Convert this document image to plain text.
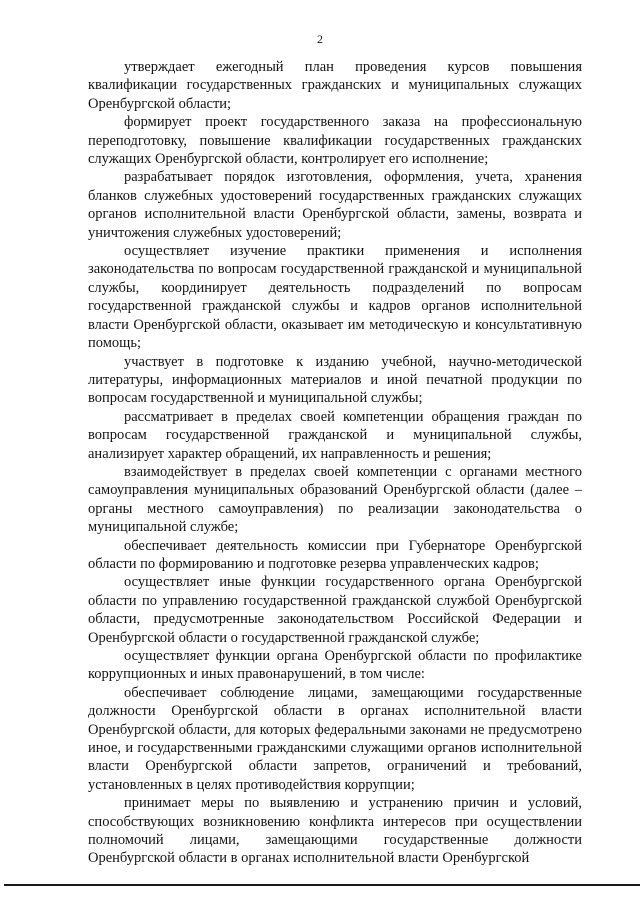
2

утверждает ежегодный план проведения курсов повышения квалификации государственных гражданских и муниципальных служащих Оренбургской области;

формирует проект государственного заказа на профессиональную переподготовку, повышение квалификации государственных гражданских служащих Оренбургской области, контролирует его исполнение;

разрабатывает порядок изготовления, оформления, учета, хранения бланков служебных удостоверений государственных гражданских служащих органов исполнительной власти Оренбургской области, замены, возврата и уничтожения служебных удостоверений;

осуществляет изучение практики применения и исполнения законодательства по вопросам государственной гражданской и муниципальной службы, координирует деятельность подразделений по вопросам государственной гражданской службы и кадров органов исполнительной власти Оренбургской области, оказывает им методическую и консультативную помощь;

участвует в подготовке к изданию учебной, научно-методической литературы, информационных материалов и иной печатной продукции по вопросам государственной и муниципальной службы;

рассматривает в пределах своей компетенции обращения граждан по вопросам государственной гражданской и муниципальной службы, анализирует характер обращений, их направленность и решения;

взаимодействует в пределах своей компетенции с органами местного самоуправления муниципальных образований Оренбургской области (далее – органы местного самоуправления) по реализации законодательства о муниципальной службе;

обеспечивает деятельность комиссии при Губернаторе Оренбургской области по формированию и подготовке резерва управленческих кадров;

осуществляет иные функции государственного органа Оренбургской области по управлению государственной гражданской службой Оренбургской области, предусмотренные законодательством Российской Федерации и Оренбургской области о государственной гражданской службе;

осуществляет функции органа Оренбургской области по профилактике коррупционных и иных правонарушений, в том числе:

обеспечивает соблюдение лицами, замещающими государственные должности Оренбургской области в органах исполнительной власти Оренбургской области, для которых федеральными законами не предусмотрено иное, и государственными гражданскими служащими органов исполнительной власти Оренбургской области запретов, ограничений и требований, установленных в целях противодействия коррупции;

принимает меры по выявлению и устранению причин и условий, способствующих возникновению конфликта интересов при осуществлении полномочий лицами, замещающими государственные должности Оренбургской области в органах исполнительной власти Оренбургской
